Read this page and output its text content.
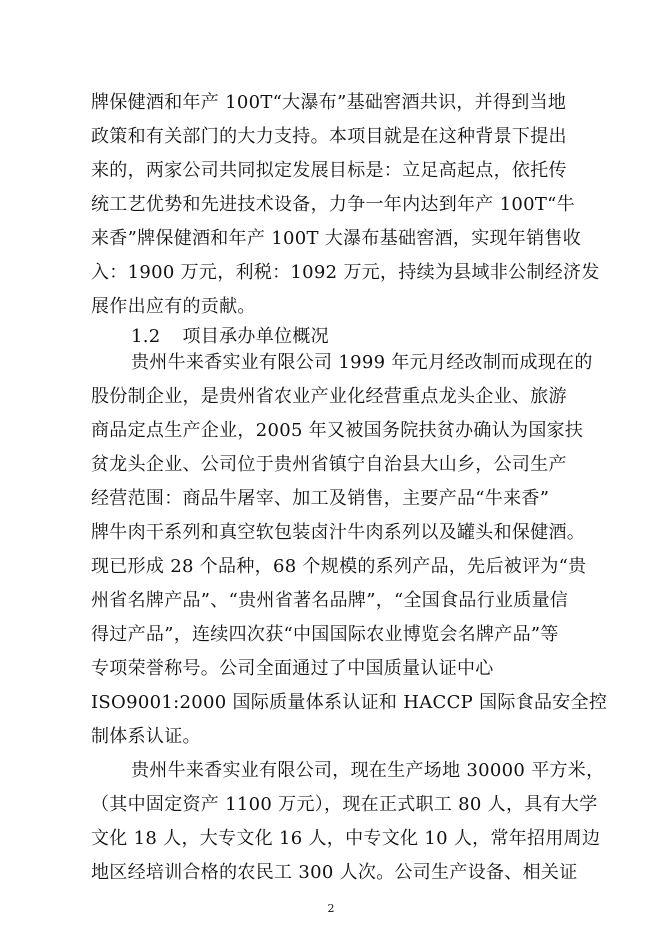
牌保健酒和年产 100T“大瀑布”基础窖酒共识，并得到当地
政策和有关部门的大力支持。本项目就是在这种背景下提出
来的，两家公司共同拟定发展目标是：立足高起点，依托传
统工艺优势和先进技术设备，力争一年内达到年产 100T“牛
来香”牌保健酒和年产 100T 大瀑布基础窖酒，实现年销售收
入：1900 万元，利税：1092 万元，持续为县域非公制经济发
展作出应有的贡献。
1.2 项目承办单位概况
贵州牛来香实业有限公司 1999 年元月经改制而成现在的
股份制企业，是贵州省农业产业化经营重点龙头企业、旅游
商品定点生产企业，2005 年又被国务院扶贫办确认为国家扶
贫龙头企业、公司位于贵州省镇宁自治县大山乡，公司生产
经营范围：商品牛屠宰、加工及销售，主要产品“牛来香”
牌牛肉干系列和真空软包装卤汁牛肉系列以及罐头和保健酒。
现已形成 28 个品种，68 个规模的系列产品，先后被评为“贵
州省名牌产品”、“贵州省著名品牌”，“全国食品行业质量信
得过产品”，连续四次获“中国国际农业博览会名牌产品”等
专项荣誉称号。公司全面通过了中国质量认证中心
ISO9001:2000 国际质量体系认证和 HACCP 国际食品安全控
制体系认证。
贵州牛来香实业有限公司，现在生产场地 30000 平方米，
（其中固定资产 1100 万元），现在正式职工 80 人，具有大学
文化 18 人，大专文化 16 人，中专文化 10 人，常年招用周边
地区经培训合格的农民工 300 人次。公司生产设备、相关证
2
